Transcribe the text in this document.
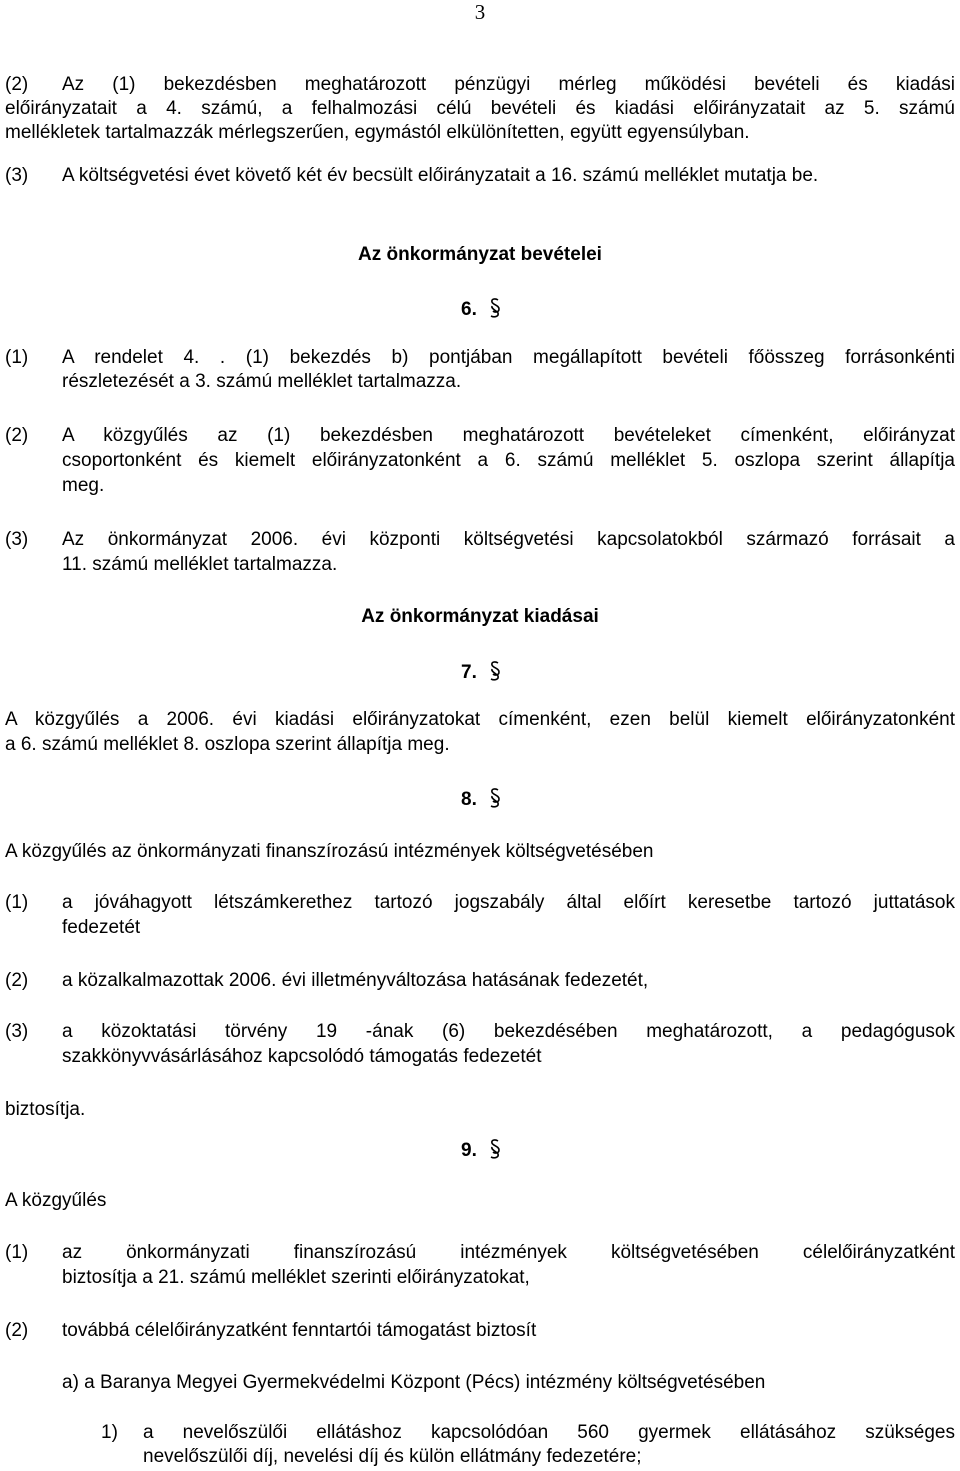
3
(2) Az (1) bekezdésben meghatározott pénzügyi mérleg működési bevételi és kiadási
előirányzatait a 4. számú, a felhalmozási célú bevételi és kiadási előirányzatait az 5. számú
mellékletek tartalmazzák mérlegszerűen, egymástól elkülönítetten, együtt egyensúlyban.
(3) A költségvetési évet követő két év becsült előirányzatait a 16. számú melléklet mutatja be.
Az önkormányzat bevételei
6.
(1) A rendelet 4. . (1) bekezdés b) pontjában megállapított bevételi főösszeg forrásonkénti
részletezését a 3. számú melléklet tartalmazza.
(2) A közgyűlés az (1) bekezdésben meghatározott bevételeket címenként, előirányzat
csoportonként és kiemelt előirányzatonként a 6. számú melléklet 5. oszlopa szerint állapítja
meg.
(3) Az önkormányzat 2006. évi központi költségvetési kapcsolatokból származó forrásait a
11. számú melléklet tartalmazza.
Az önkormányzat kiadásai
7.
A közgyűlés a 2006. évi kiadási előirányzatokat címenként, ezen belül kiemelt előirányzatonként
a 6. számú melléklet 8. oszlopa szerint állapítja meg.
8.
A közgyűlés az önkormányzati finanszírozású intézmények költségvetésében
(1) a jóváhagyott létszámkerethez tartozó jogszabály által előírt keresetbe tartozó juttatások
fedezetét
(2) a közalkalmazottak 2006. évi illetményváltozása hatásának fedezetét,
(3) a közoktatási törvény 19 -ának (6) bekezdésében meghatározott, a pedagógusok
szakkönyvvásárlásához kapcsolódó támogatás fedezetét
biztosítja.
9.
A közgyűlés
(1) az önkormányzati finanszírozású intézmények költségvetésében célelőirányzatként
biztosítja a 21. számú melléklet szerinti előirányzatokat,
(2) továbbá célelőirányzatként fenntartói támogatást biztosít
a) a Baranya Megyei Gyermekvédelmi Központ (Pécs) intézmény költségvetésében
1) a nevelőszülői ellátáshoz kapcsolódóan 560 gyermek ellátásához szükséges
nevelőszülői díj, nevelési díj és külön ellátmány fedezetére;
